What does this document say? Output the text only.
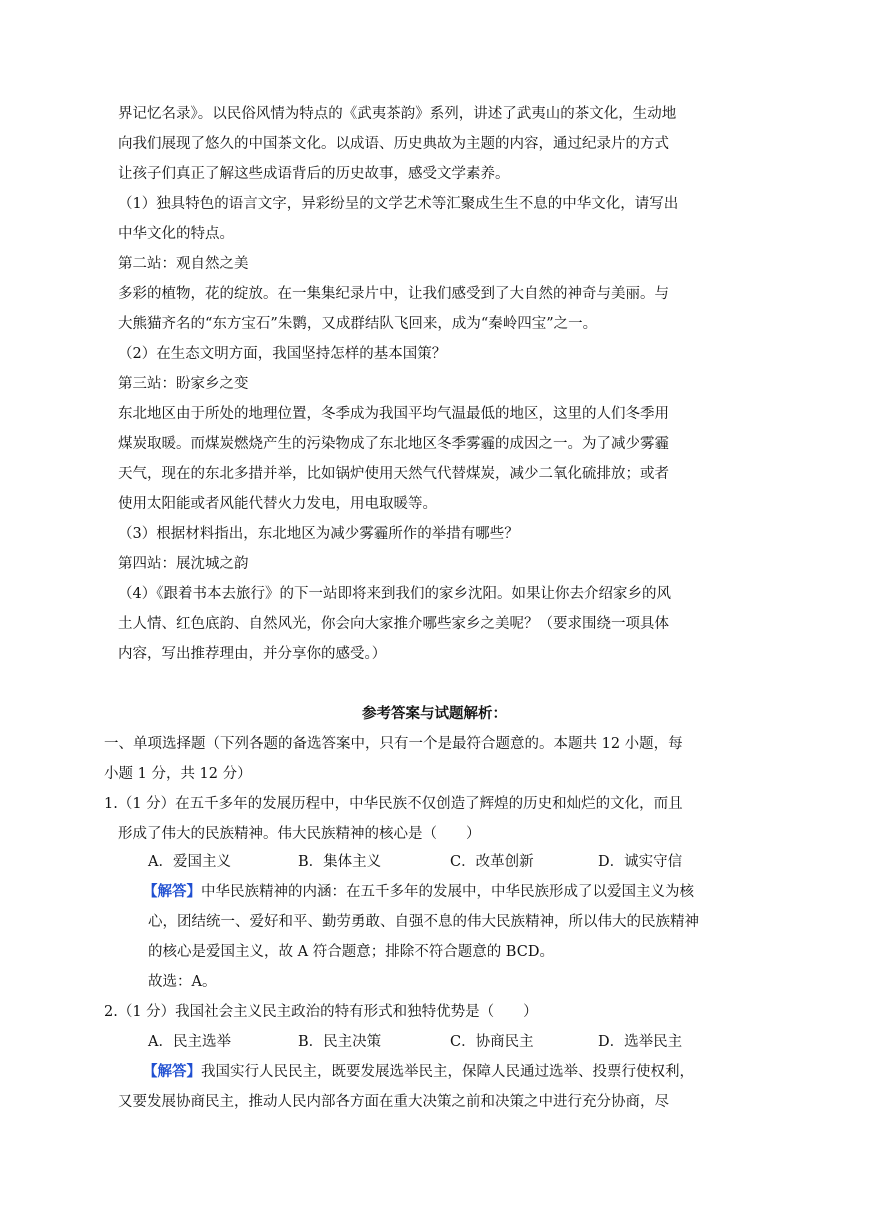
界记忆名录》。以民俗风情为特点的《武夷茶韵》系列，讲述了武夷山的茶文化，生动地
向我们展现了悠久的中国茶文化。以成语、历史典故为主题的内容，通过纪录片的方式
让孩子们真正了解这些成语背后的历史故事，感受文学素养。
（1）独具特色的语言文字，异彩纷呈的文学艺术等汇聚成生生不息的中华文化，请写出
中华文化的特点。
第二站：观自然之美
多彩的植物，花的绽放。在一集集纪录片中，让我们感受到了大自然的神奇与美丽。与
大熊猫齐名的“东方宝石”朱鹮，又成群结队飞回来，成为“秦岭四宝”之一。
（2）在生态文明方面，我国坚持怎样的基本国策？
第三站：盼家乡之变
东北地区由于所处的地理位置，冬季成为我国平均气温最低的地区，这里的人们冬季用
煤炭取暖。而煤炭燃烧产生的污染物成了东北地区冬季雾霾的成因之一。为了减少雾霾
天气，现在的东北多措并举，比如锅炉使用天然气代替煤炭，减少二氧化硫排放；或者
使用太阳能或者风能代替火力发电，用电取暖等。
（3）根据材料指出，东北地区为减少雾霾所作的举措有哪些？
第四站：展沈城之韵
（4）《跟着书本去旅行》的下一站即将来到我们的家乡沈阳。如果让你去介绍家乡的风
土人情、红色底韵、自然风光，你会向大家推介哪些家乡之美呢？（要求围绕一项具体
内容，写出推荐理由，并分享你的感受。）
参考答案与试题解析：
一、单项选择题（下列各题的备选答案中，只有一个是最符合题意的。本题共 12 小题，每
小题 1 分，共 12 分）
1.（1 分）在五千多年的发展历程中，中华民族不仅创造了辉煌的历史和灿烂的文化，而且
形成了伟大的民族精神。伟大民族精神的核心是（　　）
A．爱国主义	B．集体主义	C．改革创新	D．诚实守信
【解答】中华民族精神的内涵：在五千多年的发展中，中华民族形成了以爱国主义为核
心，团结统一、爱好和平、勤劳勇敢、自强不息的伟大民族精神，所以伟大的民族精神
的核心是爱国主义，故 A 符合题意；排除不符合题意的 BCD。
故选：A。
2.（1 分）我国社会主义民主政治的特有形式和独特优势是（　　）
A．民主选举	B．民主决策	C．协商民主	D．选举民主
【解答】我国实行人民民主，既要发展选举民主，保障人民通过选举、投票行使权利，
又要发展协商民主，推动人民内部各方面在重大决策之前和决策之中进行充分协商，尽
